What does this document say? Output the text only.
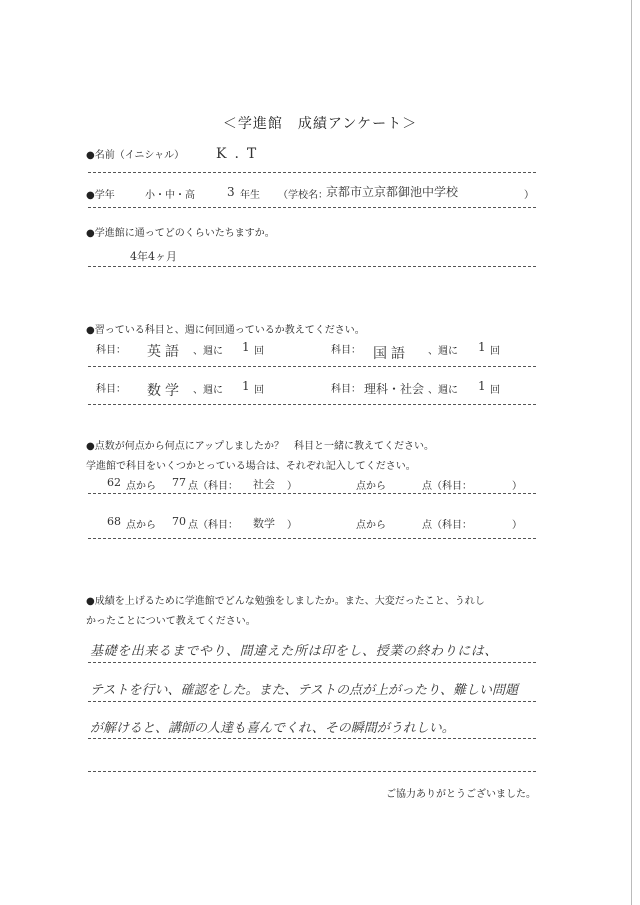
＜学進館　成績アンケート＞
●名前（イニシャル） K.T
●学年	小・中・高	3 年生 （学校名：
京都市立京都御池中学校	）
●学進館に通ってどのくらいたちますか。
4年4ヶ月
●習っている科目と、週に何回通っているか教えてください。
科目： 英語 、週に 1 回	科目： 国語 、週に 1 回
科目： 数学 、週に 1 回	科目： 理科・社会 、週に 1 回
●点数が何点から何点にアップしましたか？　科目と一緒に教えてください。
学進館で科目をいくつかとっている場合は、それぞれ記入してください。
62 点から 77 点（科目： 社会 ）	点から	点（科目：	）
68 点から 70 点（科目： 数学 ）	点から	点（科目：	）
●成績を上げるために学進館でどんな勉強をしましたか。また、大変だったこと、うれし
かったことについて教えてください。
基礎を出来るまでやり、間違えた所は印をし、授業の終わりには、
テストを行い、確認をした。また、テストの点が上がったり、難しい問題
が解けると、講師の人達も喜んでくれ、その瞬間がうれしい。
ご協力ありがとうございました。
